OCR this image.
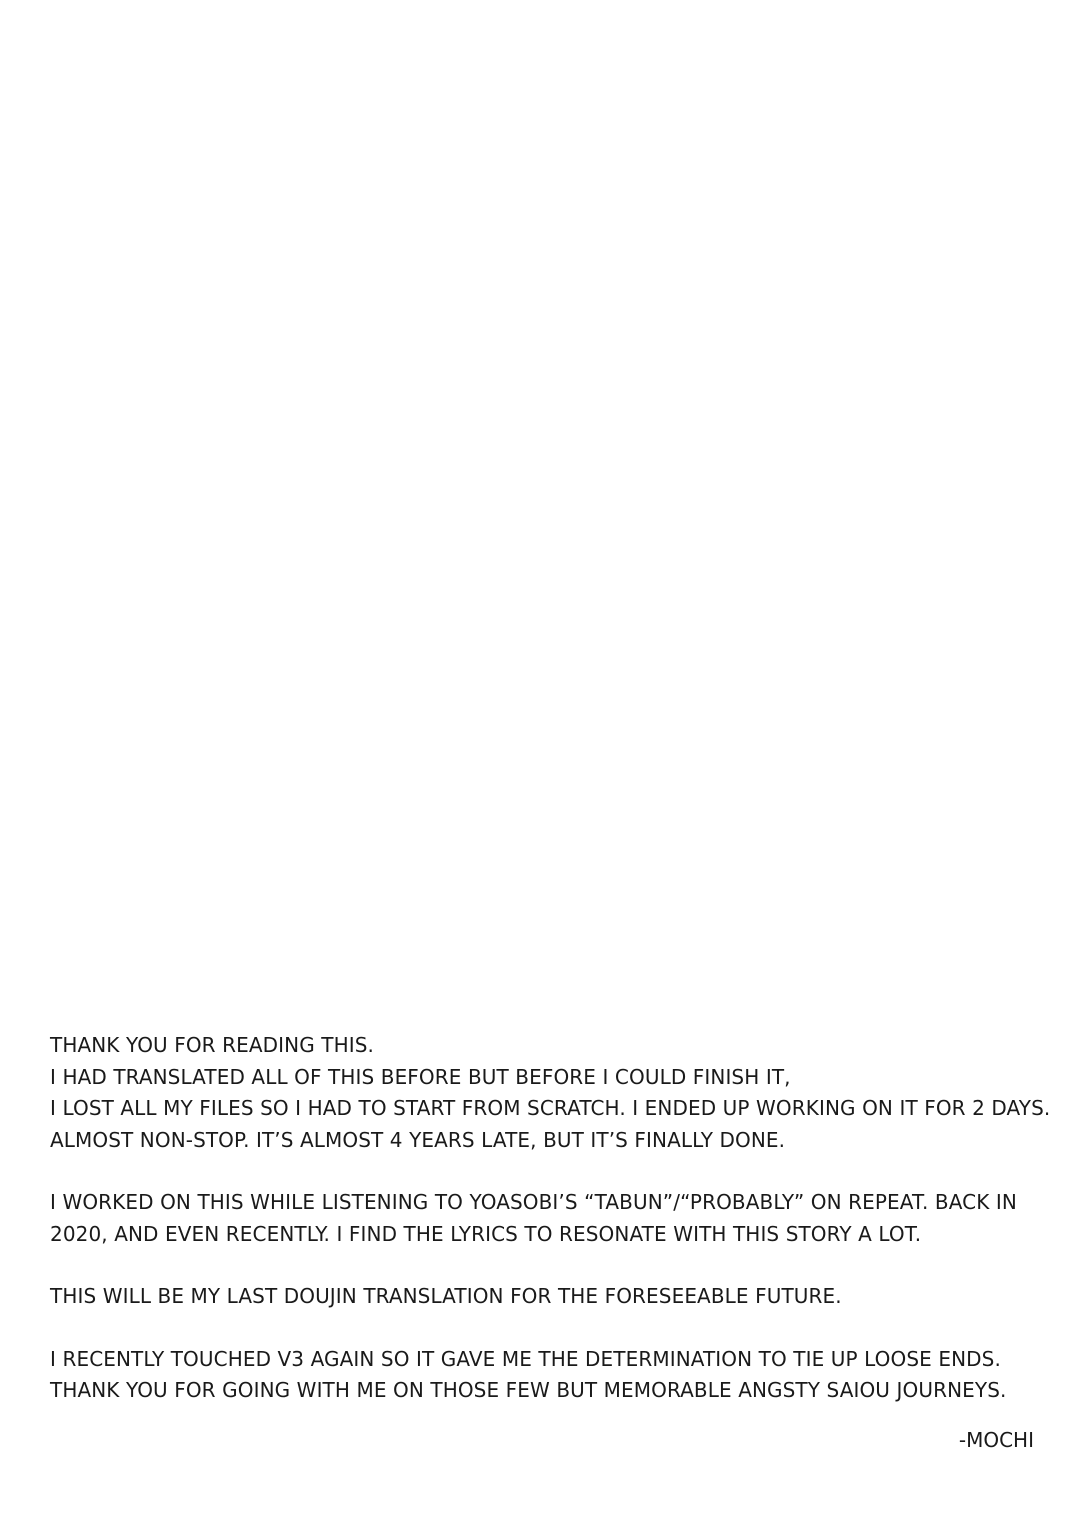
THANK YOU FOR READING THIS.
I HAD TRANSLATED ALL OF THIS BEFORE BUT BEFORE I COULD FINISH IT,
I LOST ALL MY FILES SO I HAD TO START FROM SCRATCH. I ENDED UP WORKING ON IT FOR 2 DAYS.
ALMOST NON-STOP. IT’S ALMOST 4 YEARS LATE, BUT IT’S FINALLY DONE.

I WORKED ON THIS WHILE LISTENING TO YOASOBI’S “TABUN”/“PROBABLY” ON REPEAT. BACK IN
2020, AND EVEN RECENTLY. I FIND THE LYRICS TO RESONATE WITH THIS STORY A LOT.

THIS WILL BE MY LAST DOUJIN TRANSLATION FOR THE FORESEEABLE FUTURE.

I RECENTLY TOUCHED V3 AGAIN SO IT GAVE ME THE DETERMINATION TO TIE UP LOOSE ENDS.
THANK YOU FOR GOING WITH ME ON THOSE FEW BUT MEMORABLE ANGSTY SAIOU JOURNEYS.

-MOCHI
